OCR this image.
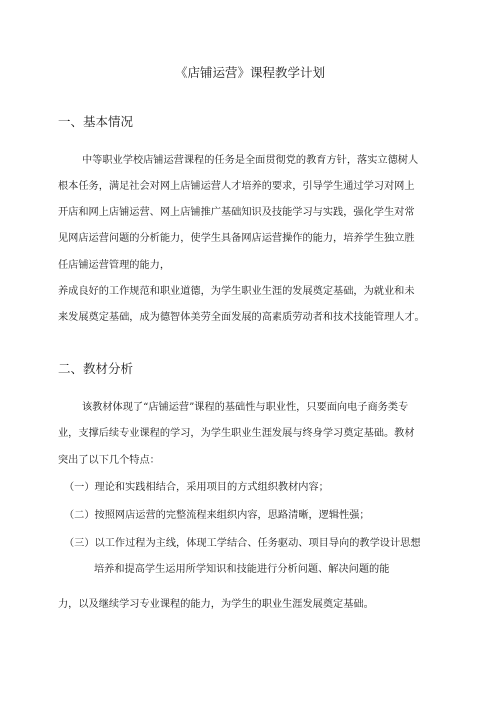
《店铺运营》课程教学计划
一、基本情况
中等职业学校店铺运营课程的任务是全面贯彻党的教育方针，落实立德树人
根本任务，满足社会对网上店铺运营人才培养的要求，引导学生通过学习对网上
开店和网上店铺运营、网上店铺推广基础知识及技能学习与实践，强化学生对常
见网店运营问题的分析能力，使学生具备网店运营操作的能力，培养学生独立胜
任店铺运营管理的能力，
养成良好的工作规范和职业道德，为学生职业生涯的发展奠定基础，为就业和未
来发展奠定基础，成为德智体美劳全面发展的高素质劳动者和技术技能管理人才。
二、教材分析
该教材体现了“店铺运营”课程的基础性与职业性，只要面向电子商务类专
业，支撑后续专业课程的学习，为学生职业生涯发展与终身学习奠定基础。教材
突出了以下几个特点：
（一）理论和实践相结合，采用项目的方式组织教材内容；
（二）按照网店运营的完整流程来组织内容，思路清晰，逻辑性强；
（三）以工作过程为主线，体现工学结合、任务驱动、项目导向的教学设计思想
培养和提高学生运用所学知识和技能进行分析问题、解决问题的能
力，以及继续学习专业课程的能力，为学生的职业生涯发展奠定基础。
